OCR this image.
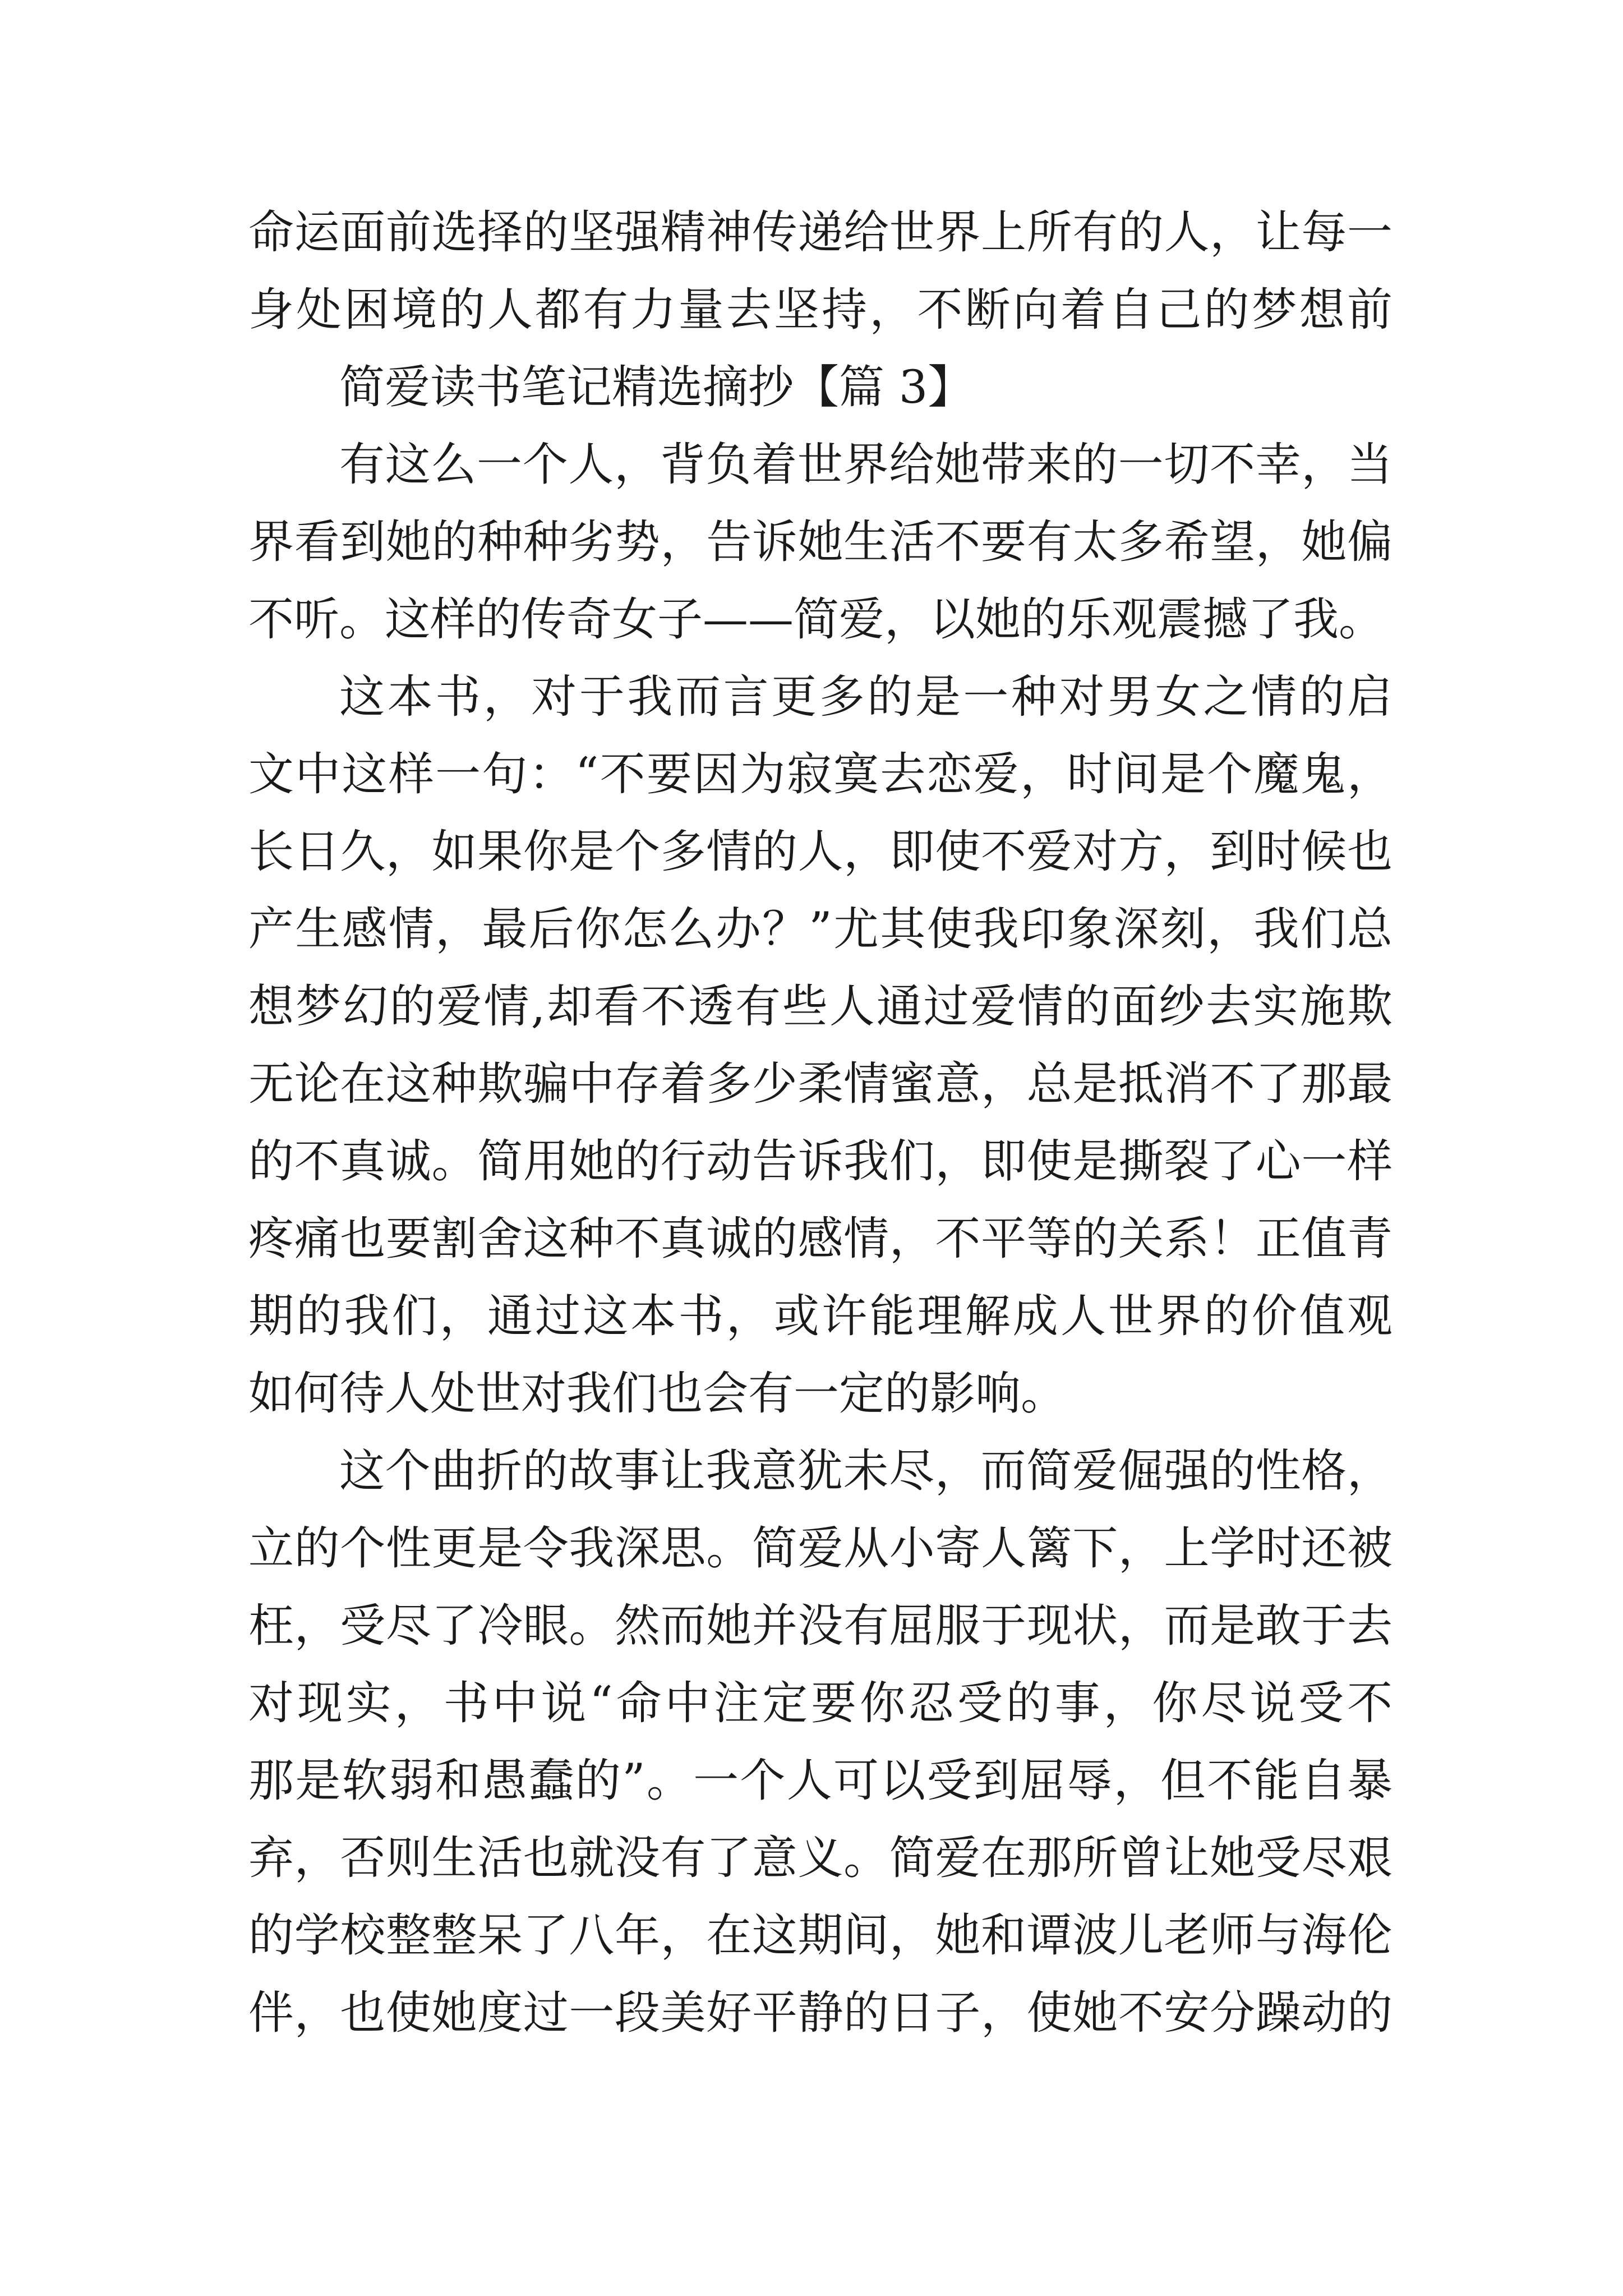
命运面前选择的坚强精神传递给世界上所有的人，让每一
身处困境的人都有力量去坚持，不断向着自己的梦想前
简爱读书笔记精选摘抄【篇 3】
有这么一个人，背负着世界给她带来的一切不幸，当
界看到她的种种劣势，告诉她生活不要有太多希望，她偏
不听。这样的传奇女子——简爱，以她的乐观震撼了我。
这本书，对于我而言更多的是一种对男女之情的启
文中这样一句：“不要因为寂寞去恋爱，时间是个魔鬼，
长日久，如果你是个多情的人，即使不爱对方，到时候也
产生感情，最后你怎么办？”尤其使我印象深刻，我们总
想梦幻的爱情,却看不透有些人通过爱情的面纱去实施欺
无论在这种欺骗中存着多少柔情蜜意，总是抵消不了那最
的不真诚。简用她的行动告诉我们，即使是撕裂了心一样
疼痛也要割舍这种不真诚的感情，不平等的关系！正值青
期的我们，通过这本书，或许能理解成人世界的价值观
如何待人处世对我们也会有一定的影响。
这个曲折的故事让我意犹未尽，而简爱倔强的性格，
立的个性更是令我深思。简爱从小寄人篱下，上学时还被
枉，受尽了冷眼。然而她并没有屈服于现状，而是敢于去
对现实，书中说“命中注定要你忍受的事，你尽说受不
那是软弱和愚蠢的”。一个人可以受到屈辱，但不能自暴
弃，否则生活也就没有了意义。简爱在那所曾让她受尽艰
的学校整整呆了八年，在这期间，她和谭波儿老师与海伦
伴，也使她度过一段美好平静的日子，使她不安分躁动的
